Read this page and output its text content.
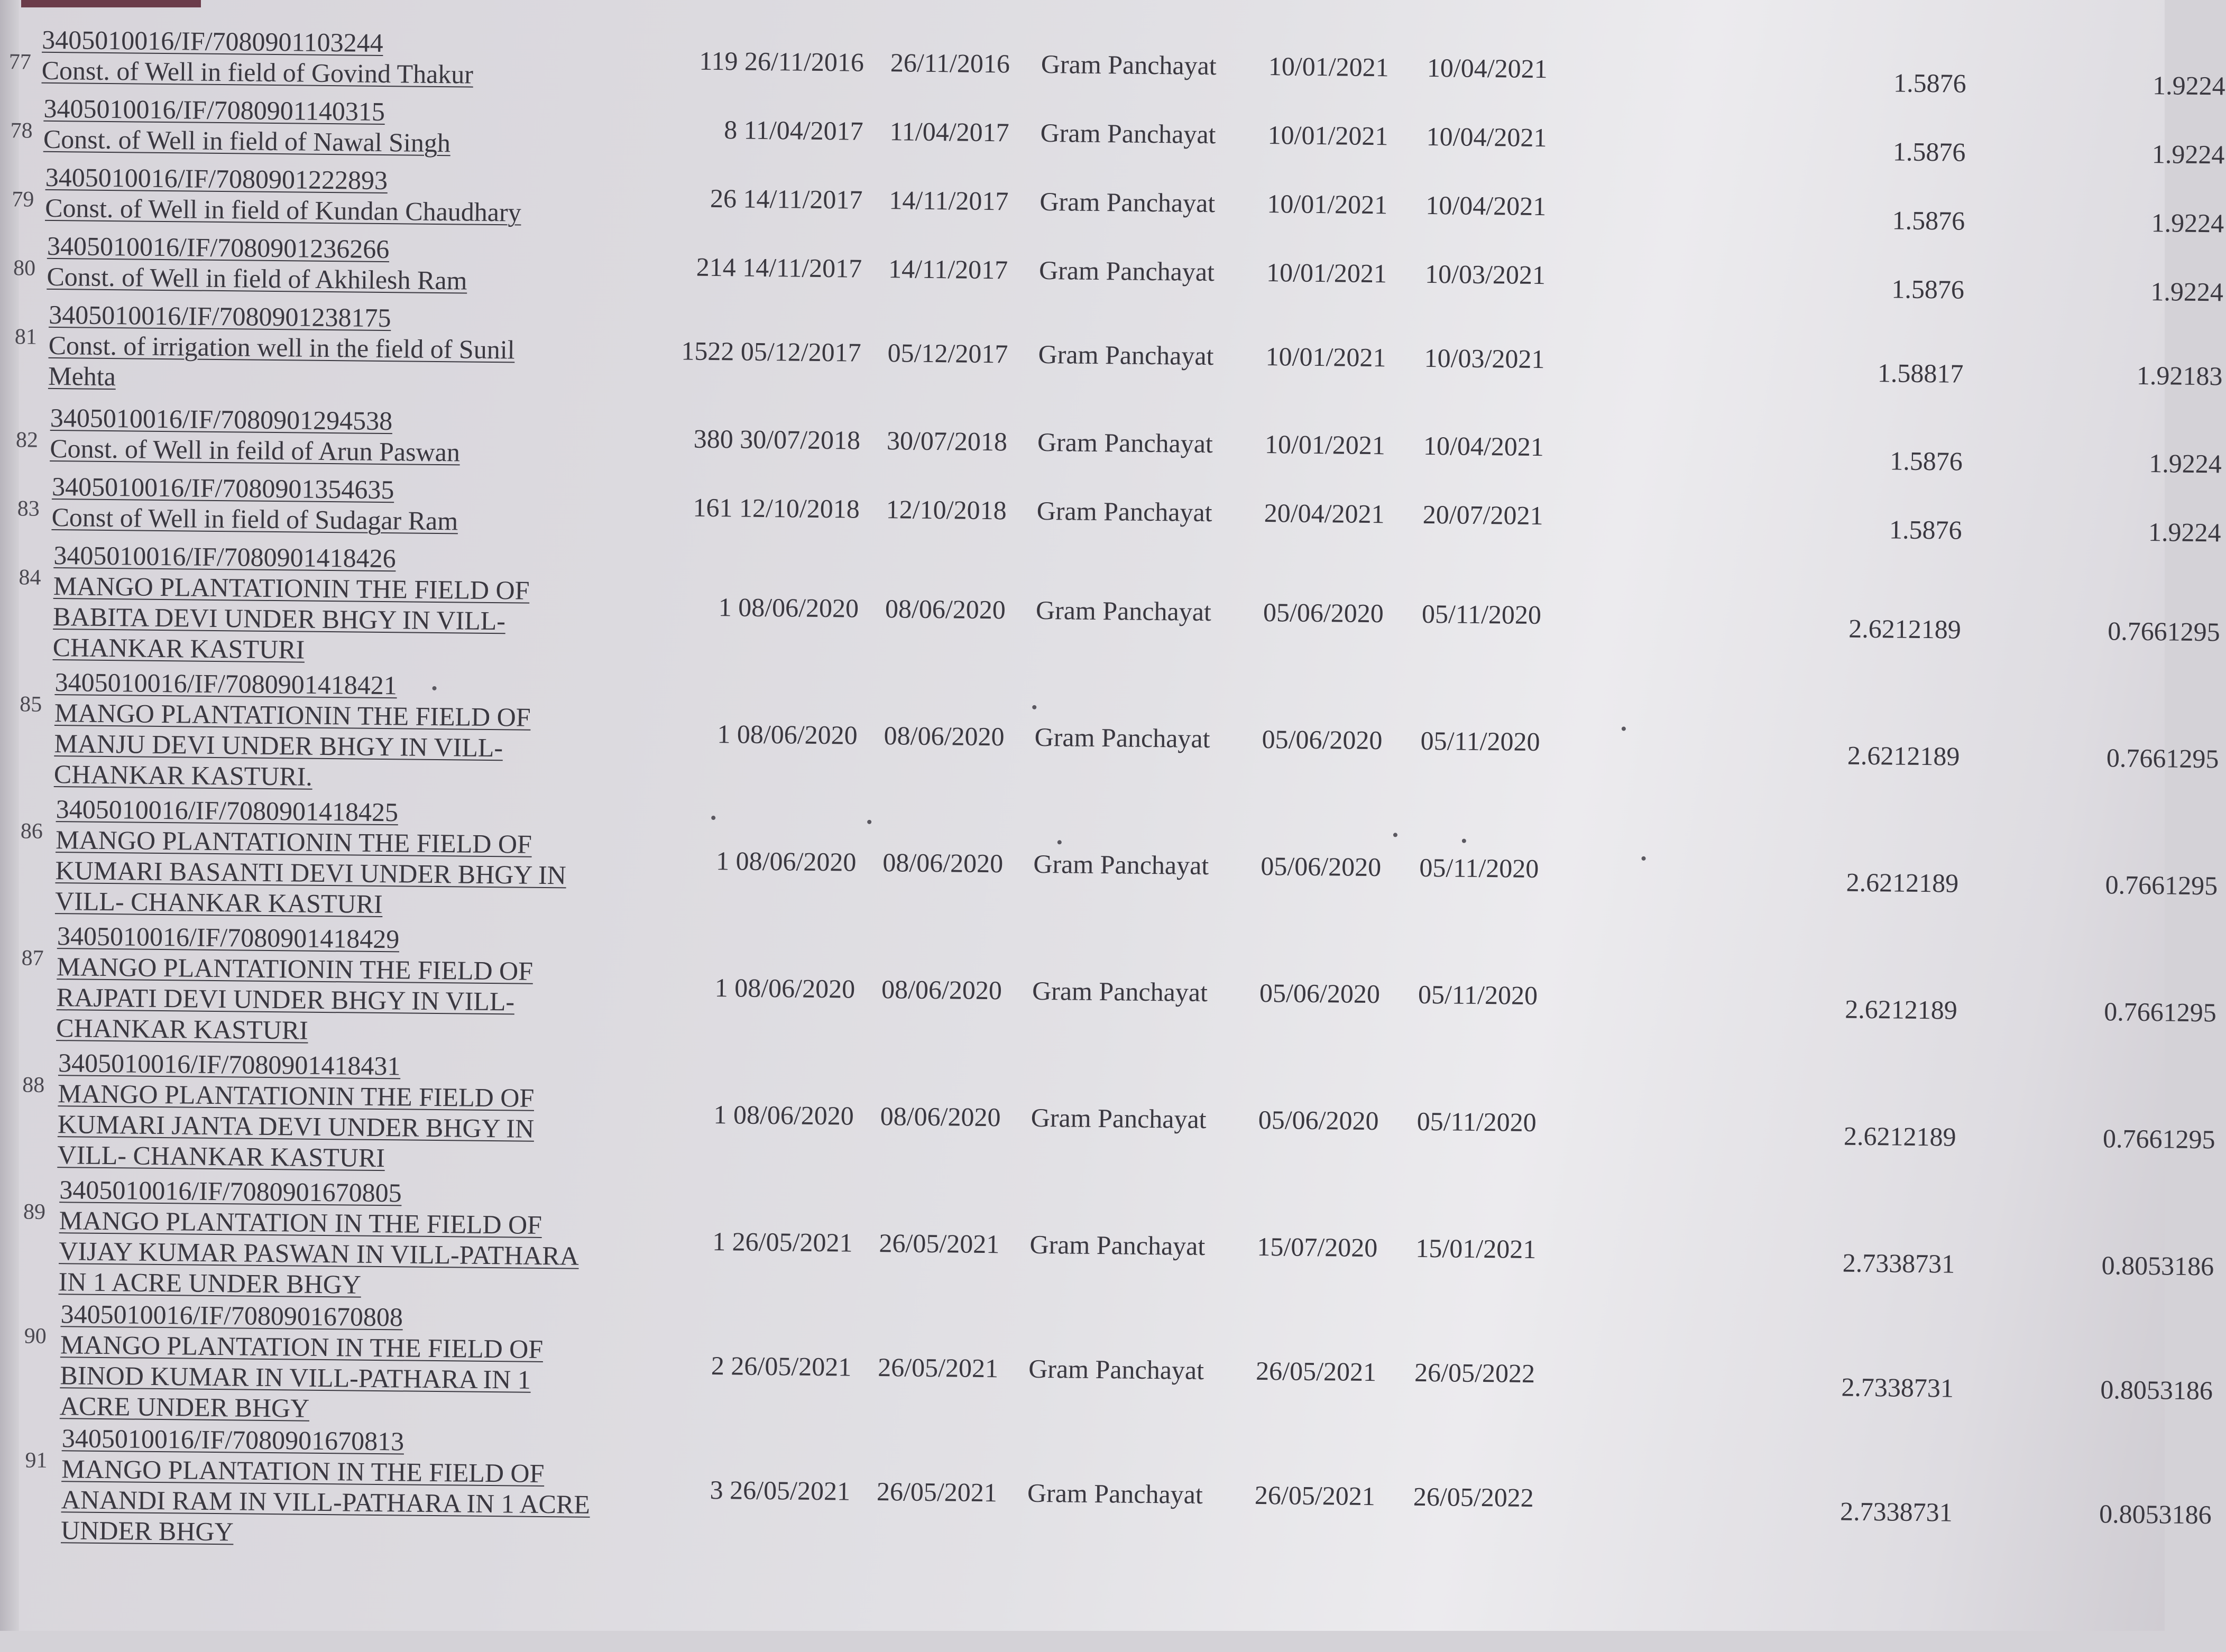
77
3405010016/IF/7080901103244
Const. of Well in field of Govind Thakur	119 26/11/2016 26/11/2016 Gram Panchayat 10/01/2021 10/04/2021	1.5876	1.9224
78
3405010016/IF/7080901140315
Const. of Well in field of Nawal Singh	8 11/04/2017 11/04/2017 Gram Panchayat 10/01/2021 10/04/2021	1.5876	1.9224
79
3405010016/IF/7080901222893
Const. of Well in field of Kundan Chaudhary	26 14/11/2017 14/11/2017 Gram Panchayat 10/01/2021 10/04/2021	1.5876	1.9224
80
3405010016/IF/7080901236266
Const. of Well in field of Akhilesh Ram	214 14/11/2017 14/11/2017 Gram Panchayat 10/01/2021 10/03/2021	1.5876	1.9224
81
3405010016/IF/7080901238175
Const. of irrigation well in the field of Sunil
Mehta
1522 05/12/2017 05/12/2017 Gram Panchayat 10/01/2021 10/03/2021	1.58817	1.92183
82
3405010016/IF/7080901294538
Const. of Well in feild of Arun Paswan	380 30/07/2018 30/07/2018 Gram Panchayat 10/01/2021 10/04/2021	1.5876	1.9224
83
3405010016/IF/7080901354635
Const of Well in field of Sudagar Ram	161 12/10/2018 12/10/2018 Gram Panchayat 20/04/2021 20/07/2021	1.5876	1.9224
84
3405010016/IF/7080901418426
MANGO PLANTATIONIN THE FIELD OF
BABITA DEVI UNDER BHGY IN VILL-
CHANKAR KASTURI
1 08/06/2020 08/06/2020 Gram Panchayat 05/06/2020 05/11/2020	2.6212189	0.7661295
85
3405010016/IF/7080901418421
MANGO PLANTATIONIN THE FIELD OF
MANJU DEVI UNDER BHGY IN VILL-
CHANKAR KASTURI.
1 08/06/2020 08/06/2020 Gram Panchayat 05/06/2020 05/11/2020	2.6212189	0.7661295
86
3405010016/IF/7080901418425
MANGO PLANTATIONIN THE FIELD OF
KUMARI BASANTI DEVI UNDER BHGY IN
VILL- CHANKAR KASTURI
1 08/06/2020 08/06/2020 Gram Panchayat 05/06/2020 05/11/2020	2.6212189	0.7661295
87
3405010016/IF/7080901418429
MANGO PLANTATIONIN THE FIELD OF
RAJPATI DEVI UNDER BHGY IN VILL-
CHANKAR KASTURI
1 08/06/2020 08/06/2020 Gram Panchayat 05/06/2020 05/11/2020	2.6212189	0.7661295
88
3405010016/IF/7080901418431
MANGO PLANTATIONIN THE FIELD OF
KUMARI JANTA DEVI UNDER BHGY IN
VILL- CHANKAR KASTURI
1 08/06/2020 08/06/2020 Gram Panchayat 05/06/2020 05/11/2020	2.6212189	0.7661295
89
3405010016/IF/7080901670805
MANGO PLANTATION IN THE FIELD OF
VIJAY KUMAR PASWAN IN VILL-PATHARA
IN 1 ACRE UNDER BHGY
1 26/05/2021 26/05/2021 Gram Panchayat 15/07/2020 15/01/2021	2.7338731	0.8053186
90
3405010016/IF/7080901670808
MANGO PLANTATION IN THE FIELD OF
BINOD KUMAR IN VILL-PATHARA IN 1
ACRE UNDER BHGY
2 26/05/2021 26/05/2021 Gram Panchayat 26/05/2021 26/05/2022	2.7338731	0.8053186
91
3405010016/IF/7080901670813
MANGO PLANTATION IN THE FIELD OF
ANANDI RAM IN VILL-PATHARA IN 1 ACRE
UNDER BHGY
3 26/05/2021 26/05/2021 Gram Panchayat 26/05/2021 26/05/2022	2.7338731	0.8053186
